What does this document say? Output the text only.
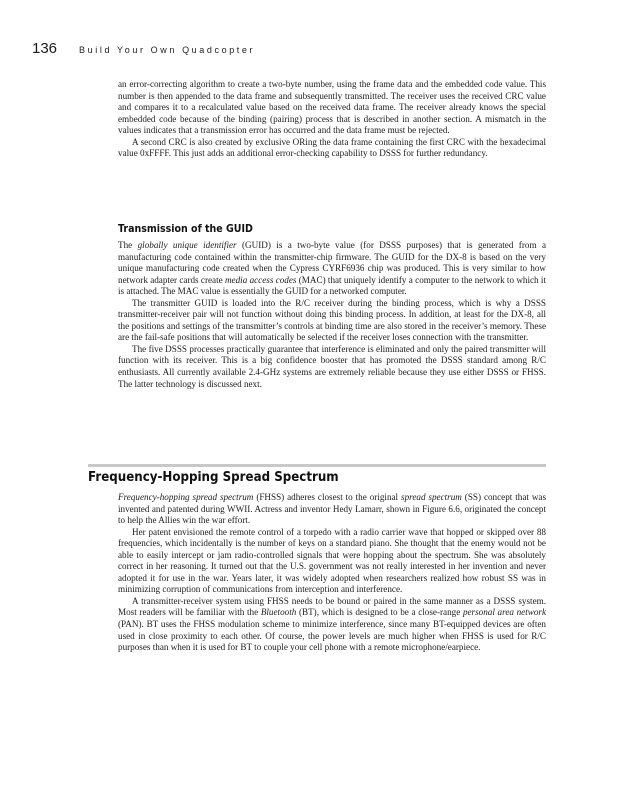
136 Build Your Own Quadcopter

an error-correcting algorithm to create a two-byte number, using the frame data and the embedded code value. This number is then appended to the data frame and subsequently transmitted. The receiver uses the received CRC value and compares it to a recalculated value based on the received data frame. The receiver already knows the special embedded code because of the binding (pairing) process that is described in another section. A mismatch in the values indicates that a transmission error has occurred and the data frame must be rejected.

A second CRC is also created by exclusive ORing the data frame containing the first CRC with the hexadecimal value 0xFFFF. This just adds an additional error-checking capability to DSSS for further redundancy.

Transmission of the GUID

The globally unique identifier (GUID) is a two-byte value (for DSSS purposes) that is generated from a manufacturing code contained within the transmitter-chip firmware. The GUID for the DX-8 is based on the very unique manufacturing code created when the Cypress CYRF6936 chip was produced. This is very similar to how network adapter cards create media access codes (MAC) that uniquely identify a computer to the network to which it is attached. The MAC value is essentially the GUID for a networked computer.

The transmitter GUID is loaded into the R/C receiver during the binding process, which is why a DSSS transmitter-receiver pair will not function without doing this binding process. In addition, at least for the DX-8, all the positions and settings of the transmitter’s controls at binding time are also stored in the receiver’s memory. These are the fail-safe positions that will automatically be selected if the receiver loses connection with the transmitter.

The five DSSS processes practically guarantee that interference is eliminated and only the paired transmitter will function with its receiver. This is a big confidence booster that has promoted the DSSS standard among R/C enthusiasts. All currently available 2.4-GHz systems are extremely reliable because they use either DSSS or FHSS. The latter technology is discussed next.

Frequency-Hopping Spread Spectrum

Frequency-hopping spread spectrum (FHSS) adheres closest to the original spread spectrum (SS) concept that was invented and patented during WWII. Actress and inventor Hedy Lamarr, shown in Figure 6.6, originated the concept to help the Allies win the war effort.

Her patent envisioned the remote control of a torpedo with a radio carrier wave that hopped or skipped over 88 frequencies, which incidentally is the number of keys on a standard piano. She thought that the enemy would not be able to easily intercept or jam radio-controlled signals that were hopping about the spectrum. She was absolutely correct in her reasoning. It turned out that the U.S. government was not really interested in her invention and never adopted it for use in the war. Years later, it was widely adopted when researchers realized how robust SS was in minimizing corruption of communications from interception and interference.

A transmitter-receiver system using FHSS needs to be bound or paired in the same manner as a DSSS system. Most readers will be familiar with the Bluetooth (BT), which is designed to be a close-range personal area network (PAN). BT uses the FHSS modulation scheme to minimize interference, since many BT-equipped devices are often used in close proximity to each other. Of course, the power levels are much higher when FHSS is used for R/C purposes than when it is used for BT to couple your cell phone with a remote microphone/earpiece.
